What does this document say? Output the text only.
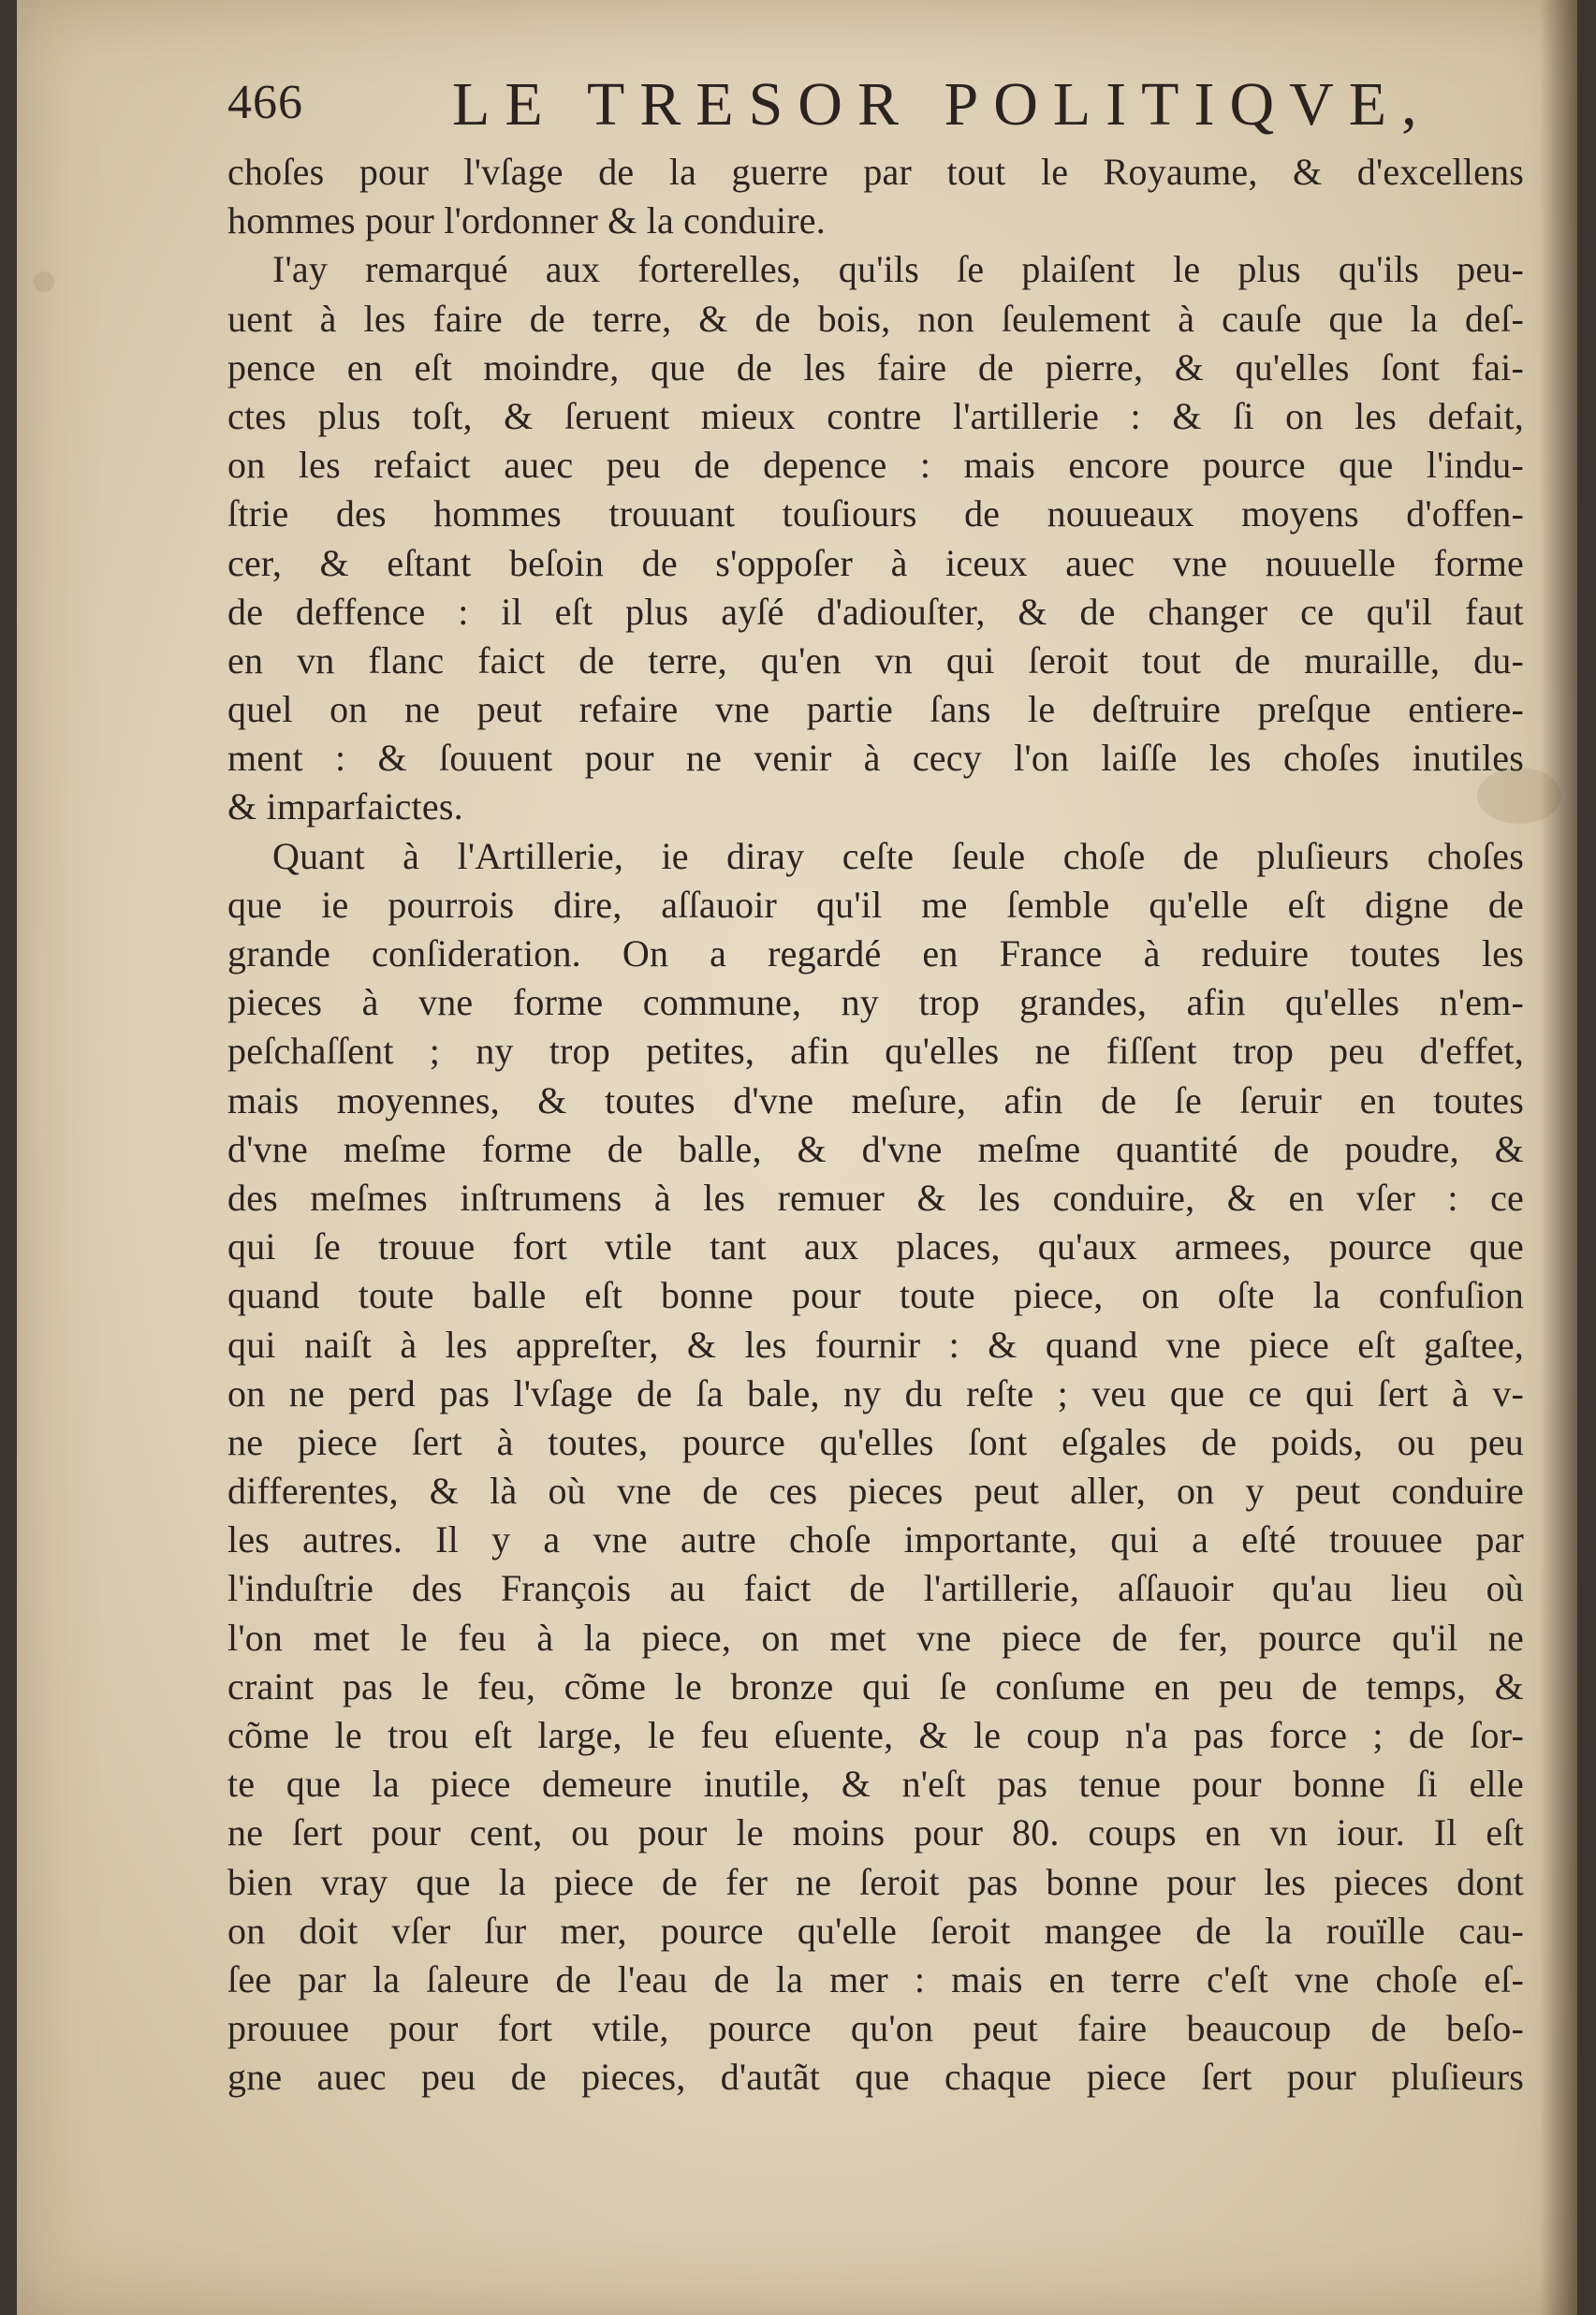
466 LE TRESOR POLITIQVE,
choſes pour l'vſage de la guerre par tout le Royaume, & d'excellens
hommes pour l'ordonner & la conduire.
I'ay remarqué aux forterelles, qu'ils ſe plaiſent le plus qu'ils peu-
uent à les faire de terre, & de bois, non ſeulement à cauſe que la deſ-
pence en eſt moindre, que de les faire de pierre, & qu'elles ſont fai-
ctes plus toſt, & ſeruent mieux contre l'artillerie : & ſi on les defait,
on les refaict auec peu de depence : mais encore pource que l'indu-
ſtrie des hommes trouuant touſiours de nouueaux moyens d'offen-
cer, & eſtant beſoin de s'oppoſer à iceux auec vne nouuelle forme
de deffence : il eſt plus ayſé d'adiouſter, & de changer ce qu'il faut
en vn flanc faict de terre, qu'en vn qui ſeroit tout de muraille, du-
quel on ne peut refaire vne partie ſans le deſtruire preſque entiere-
ment : & ſouuent pour ne venir à cecy l'on laiſſe les choſes inutiles
& imparfaictes.
Quant à l'Artillerie, ie diray ceſte ſeule choſe de pluſieurs choſes
que ie pourrois dire, aſſauoir qu'il me ſemble qu'elle eſt digne de
grande conſideration. On a regardé en France à reduire toutes les
pieces à vne forme commune, ny trop grandes, afin qu'elles n'em-
peſchaſſent ; ny trop petites, afin qu'elles ne fiſſent trop peu d'effet,
mais moyennes, & toutes d'vne meſure, afin de ſe ſeruir en toutes
d'vne meſme forme de balle, & d'vne meſme quantité de poudre, &
des meſmes inſtrumens à les remuer & les conduire, & en vſer : ce
qui ſe trouue fort vtile tant aux places, qu'aux armees, pource que
quand toute balle eſt bonne pour toute piece, on oſte la confuſion
qui naiſt à les appreſter, & les fournir : & quand vne piece eſt gaſtee,
on ne perd pas l'vſage de ſa bale, ny du reſte ; veu que ce qui ſert à v-
ne piece ſert à toutes, pource qu'elles ſont eſgales de poids, ou peu
differentes, & là où vne de ces pieces peut aller, on y peut conduire
les autres. Il y a vne autre choſe importante, qui a eſté trouuee par
l'induſtrie des François au faict de l'artillerie, aſſauoir qu'au lieu où
l'on met le feu à la piece, on met vne piece de fer, pource qu'il ne
craint pas le feu, cõme le bronze qui ſe conſume en peu de temps, &
cõme le trou eſt large, le feu eſuente, & le coup n'a pas force ; de ſor-
te que la piece demeure inutile, & n'eſt pas tenue pour bonne ſi elle
ne ſert pour cent, ou pour le moins pour 80. coups en vn iour. Il eſt
bien vray que la piece de fer ne ſeroit pas bonne pour les pieces dont
on doit vſer ſur mer, pource qu'elle ſeroit mangee de la rouïlle cau-
ſee par la ſaleure de l'eau de la mer : mais en terre c'eſt vne choſe eſ-
prouuee pour fort vtile, pource qu'on peut faire beaucoup de beſo-
gne auec peu de pieces, d'autãt que chaque piece ſert pour pluſieurs
